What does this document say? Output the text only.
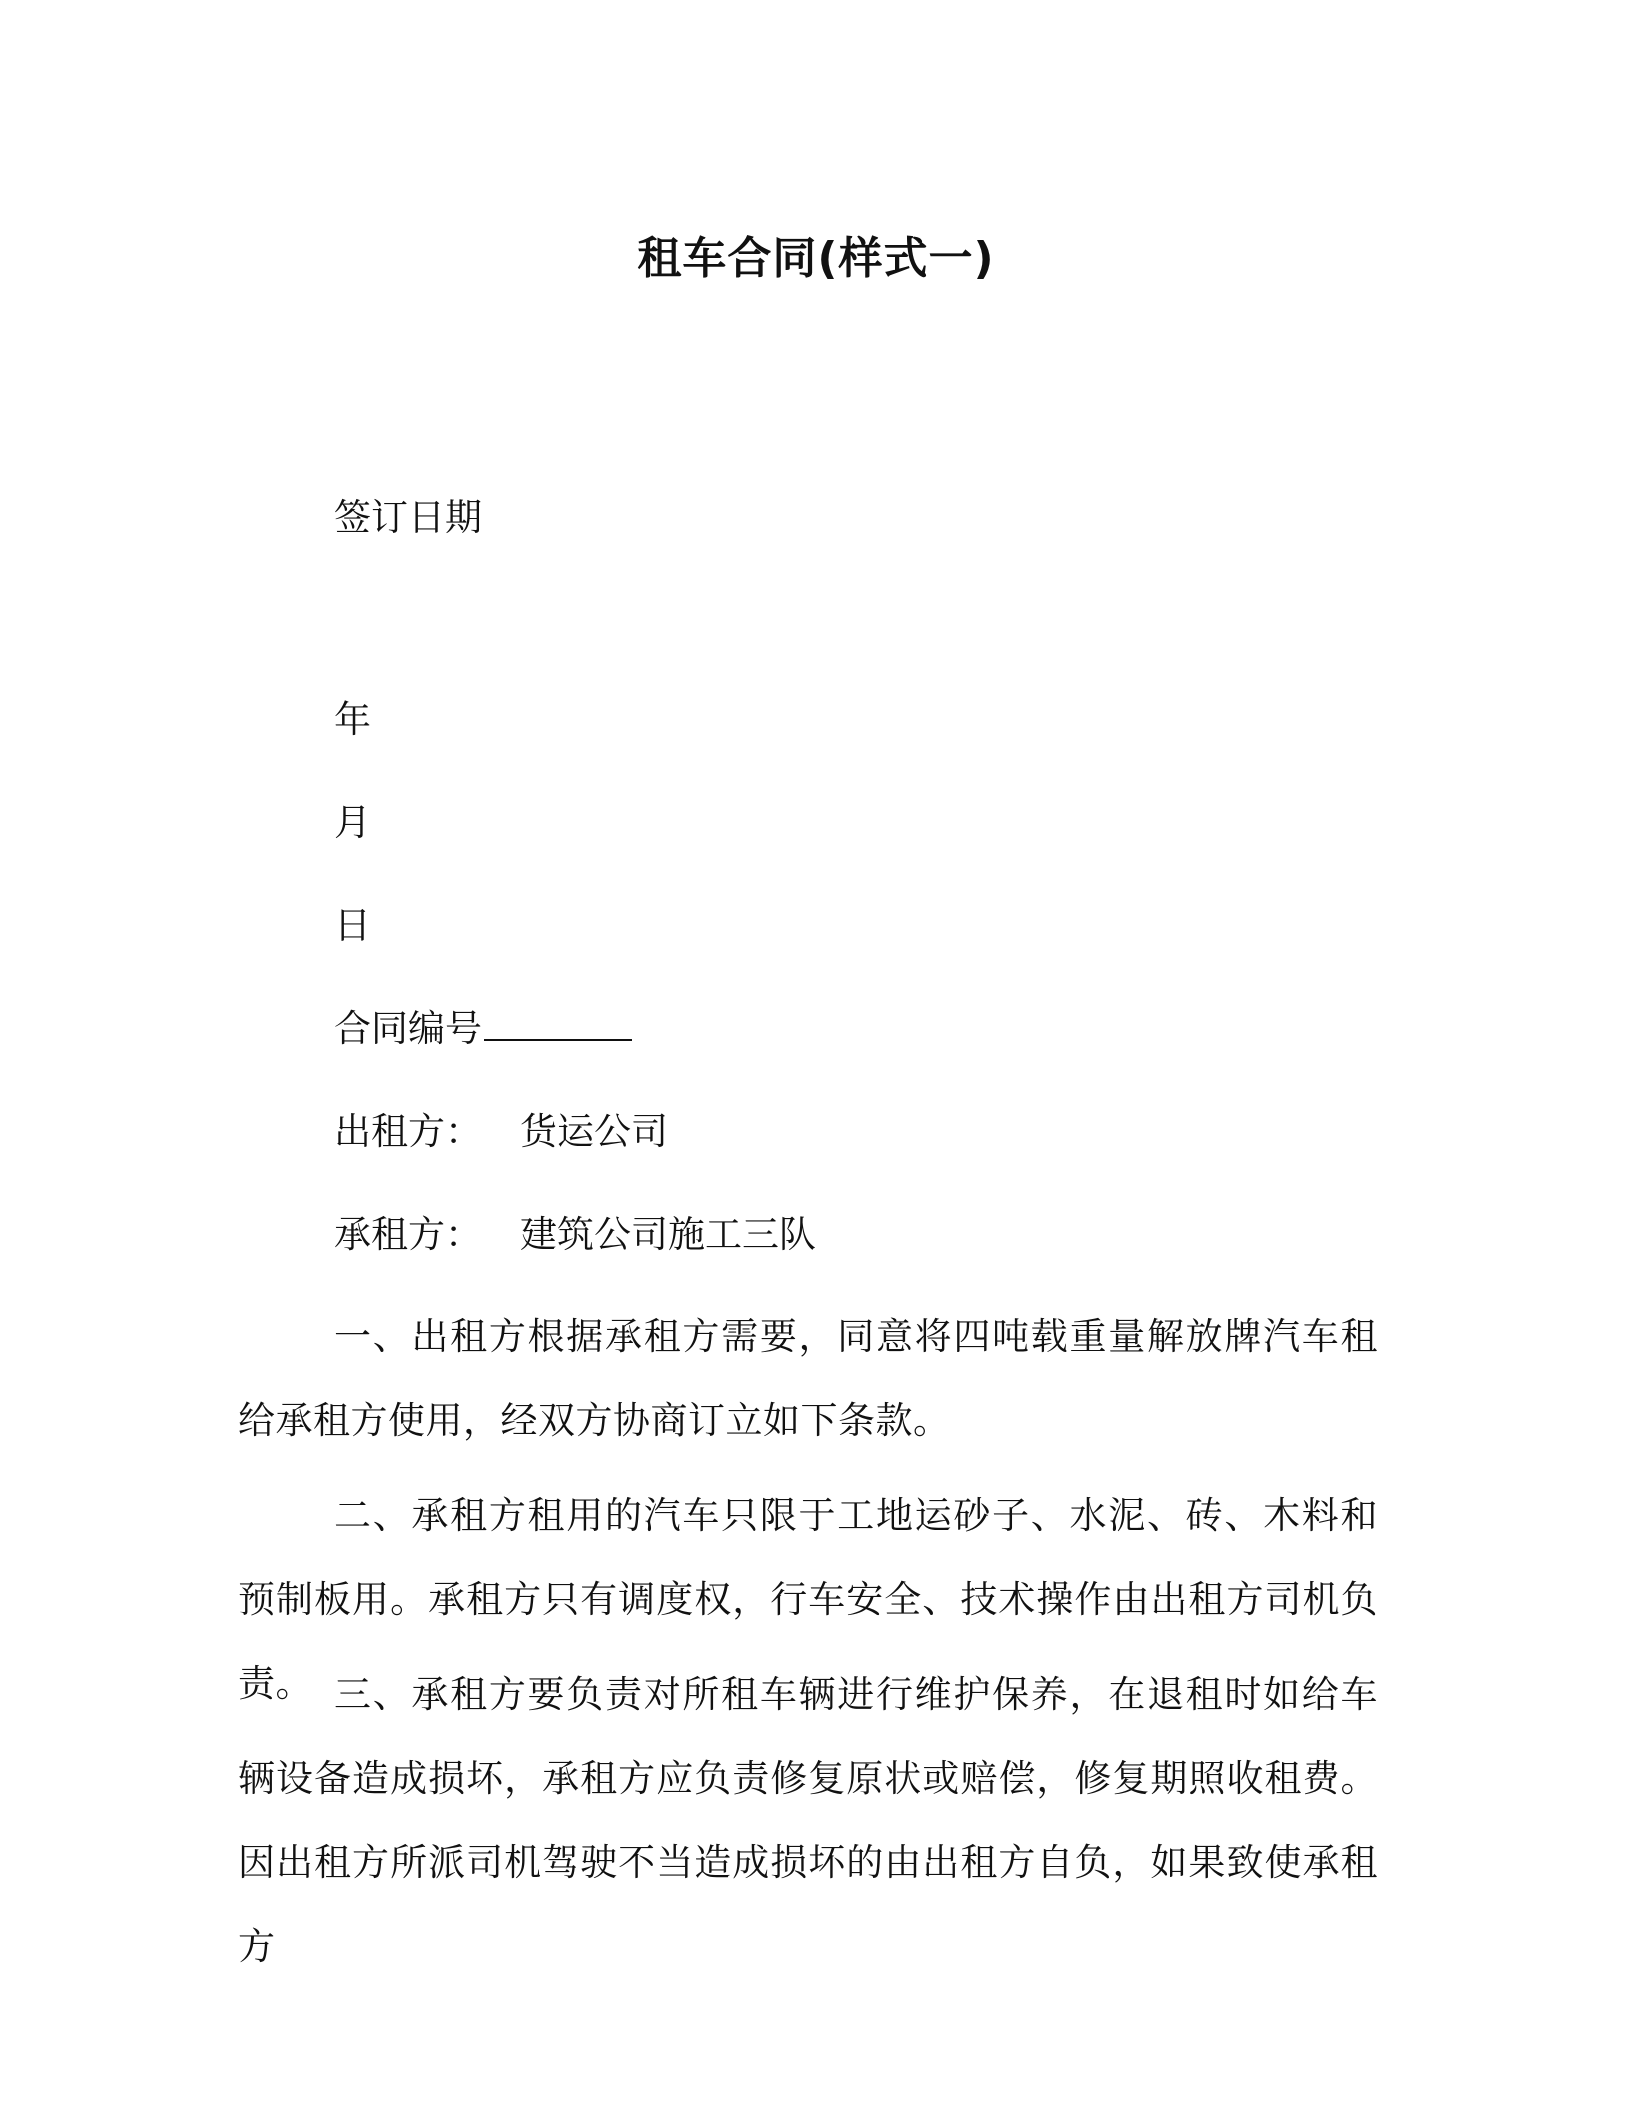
租车合同(样式一)
签订日期
年
月
日
合同编号
出租方： 货运公司
承租方： 建筑公司施工三队
一、出租方根据承租方需要，同意将四吨载重量解放牌汽车租给承租方使用，经双方协商订立如下条款。
二、承租方租用的汽车只限于工地运砂子、水泥、砖、木料和预制板用。承租方只有调度权，行车安全、技术操作由出租方司机负责。 三、承租方要负责对所租车辆进行维护保养，在退租时如给车辆设备造成损坏，承租方应负责修复原状或赔偿，修复期照收租费。因出租方所派司机驾驶不当造成损坏的由出租方自负，如果致使承租方
